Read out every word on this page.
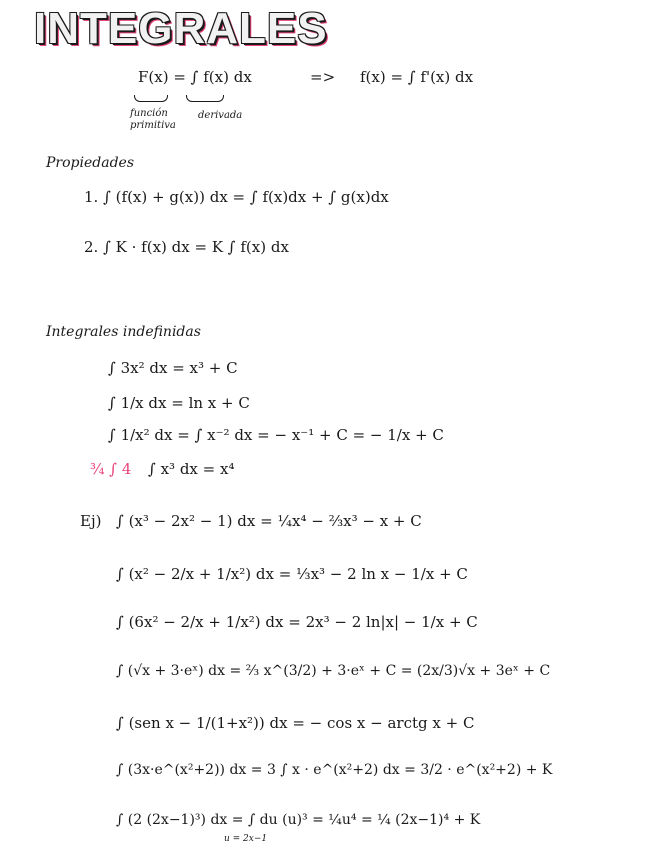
INTEGRALES
F(x) = ∫ f(x) dx	=> f(x) = ∫ f'(x) dx
función primitiva
derivada
Propiedades
1. ∫ (f(x) + g(x)) dx = ∫ f(x)dx + ∫ g(x)dx
2. ∫ K · f(x) dx = K ∫ f(x) dx
Integrales indefinidas
∫ 3x² dx = x³ + C
∫ 1/x dx = ln x + C
∫ 1/x² dx = ∫ x⁻² dx = − x⁻¹ + C = − 1/x + C
¾ ∫ 4 ∫ x³ dx = x⁴
Ej) ∫ (x³ − 2x² − 1) dx = ¼x⁴ − ⅔x³ − x + C
∫ (x² − 2/x + 1/x²) dx = ⅓x³ − 2 ln x − 1/x + C
∫ (6x² − 2/x + 1/x²) dx = 2x³ − 2 ln|x| − 1/x + C
∫ (√x + 3·eˣ) dx = ⅔ x^(3/2) + 3·eˣ + C = (2x/3)√x + 3eˣ + C
∫ (sen x − 1/(1+x²)) dx = − cos x − arctg x + C
∫ (3x·e^(x²+2)) dx = 3 ∫ x · e^(x²+2) dx = 3/2 · e^(x²+2) + K
∫ (2 (2x−1)³) dx = ∫ du (u)³ = ¼u⁴ = ¼ (2x−1)⁴ + K
u = 2x−1
